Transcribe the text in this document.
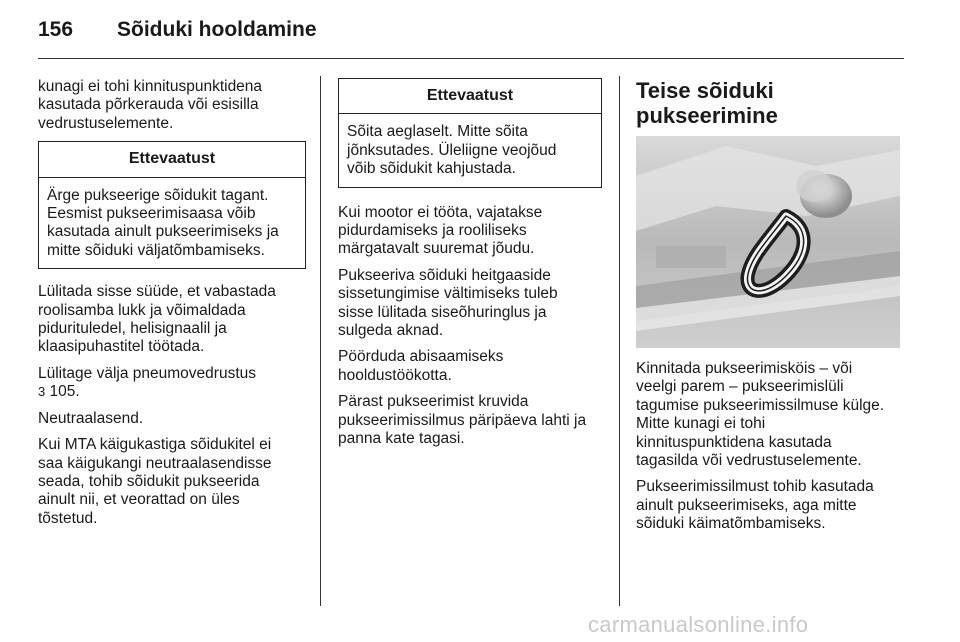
156 Sõiduki hooldamine

kunagi ei tohi kinnituspunktidena
kasutada põrkerauda või esisilla
vedrustuselemente.

Ettevaatust
Ärge pukseerige sõidukit tagant.
Eesmist pukseerimisaasa võib
kasutada ainult pukseerimiseks ja
mitte sõiduki väljatõmbamiseks.

Lülitada sisse süüde, et vabastada
roolisamba lukk ja võimaldada
pidurituledel, helisignaalil ja
klaasipuhastitel töötada.

Lülitage välja pneumovedrustus
3 105.

Neutraalasend.

Kui MTA käigukastiga sõidukitel ei
saa käigukangi neutraalasendisse
seada, tohib sõidukit pukseerida
ainult nii, et veorattad on üles
tõstetud.

Ettevaatust
Sõita aeglaselt. Mitte sõita
jõnksutades. Üleliigne veojõud
võib sõidukit kahjustada.

Kui mootor ei tööta, vajatakse
pidurdamiseks ja rooliliseks
märgatavalt suuremat jõudu.

Pukseeriva sõiduki heitgaaside
sissetungimise vältimiseks tuleb
sisse lülitada siseõhuringlus ja
sulgeda aknad.

Pöörduda abisaamiseks
hooldustöökotta.

Pärast pukseerimist kruvida
pukseerimissilmus päripäeva lahti ja
panna kate tagasi.

Teise sõiduki
pukseerimine

Kinnitada pukseerimisköis – või
veelgi parem – pukseerimislüli
tagumise pukseerimissilmuse külge.
Mitte kunagi ei tohi
kinnituspunktidena kasutada
tagasilda või vedrustuselemente.

Pukseerimissilmust tohib kasutada
ainult pukseerimiseks, aga mitte
sõiduki käimatõmbamiseks.

carmanualsonline.info
